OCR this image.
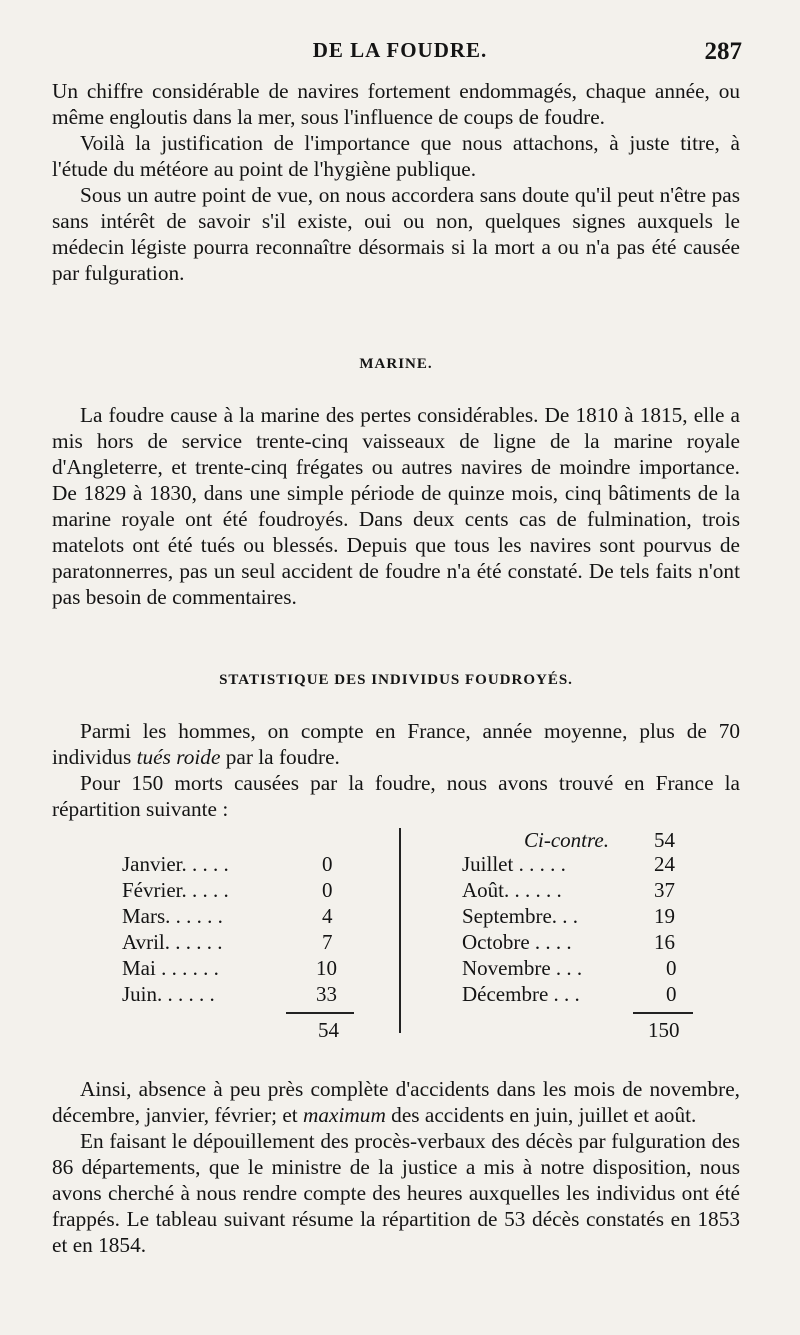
DE LA FOUDRE.	287

Un chiffre considérable de navires fortement endommagés, chaque année, ou même engloutis dans la mer, sous l'influence de coups de foudre.

Voilà la justification de l'importance que nous attachons, à juste titre, à l'étude du météore au point de l'hygiène publique.

Sous un autre point de vue, on nous accordera sans doute qu'il peut n'être pas sans intérêt de savoir s'il existe, oui ou non, quelques signes auxquels le médecin légiste pourra reconnaître désormais si la mort a ou n'a pas été causée par fulguration.

MARINE.

La foudre cause à la marine des pertes considérables. De 1810 à 1815, elle a mis hors de service trente-cinq vaisseaux de ligne de la marine royale d'Angleterre, et trente-cinq frégates ou autres navires de moindre importance. De 1829 à 1830, dans une simple période de quinze mois, cinq bâtiments de la marine royale ont été foudroyés. Dans deux cents cas de fulmination, trois matelots ont été tués ou blessés. Depuis que tous les navires sont pourvus de paratonnerres, pas un seul accident de foudre n'a été constaté. De tels faits n'ont pas besoin de commentaires.

STATISTIQUE DES INDIVIDUS FOUDROYÉS.

Parmi les hommes, on compte en France, année moyenne, plus de 70 individus tués roide par la foudre.

Pour 150 morts causées par la foudre, nous avons trouvé en France la répartition suivante :

Ci-contre. 54
Janvier. . . . .	0
Février. . . . .	0
Mars. . . . . .	4
Avril. . . . . .	7
Mai . . . . . .	10
Juin. . . . . .	33
Juillet . . . . .	24
Août. . . . . .	37
Septembre. . .	19
Octobre . . . .	16
Novembre . . .	0
Décembre . . .	0
54	150

Ainsi, absence à peu près complète d'accidents dans les mois de novembre, décembre, janvier, février; et maximum des accidents en juin, juillet et août.

En faisant le dépouillement des procès-verbaux des décès par fulguration des 86 départements, que le ministre de la justice a mis à notre disposition, nous avons cherché à nous rendre compte des heures auxquelles les individus ont été frappés. Le tableau suivant résume la répartition de 53 décès constatés en 1853 et en 1854.
